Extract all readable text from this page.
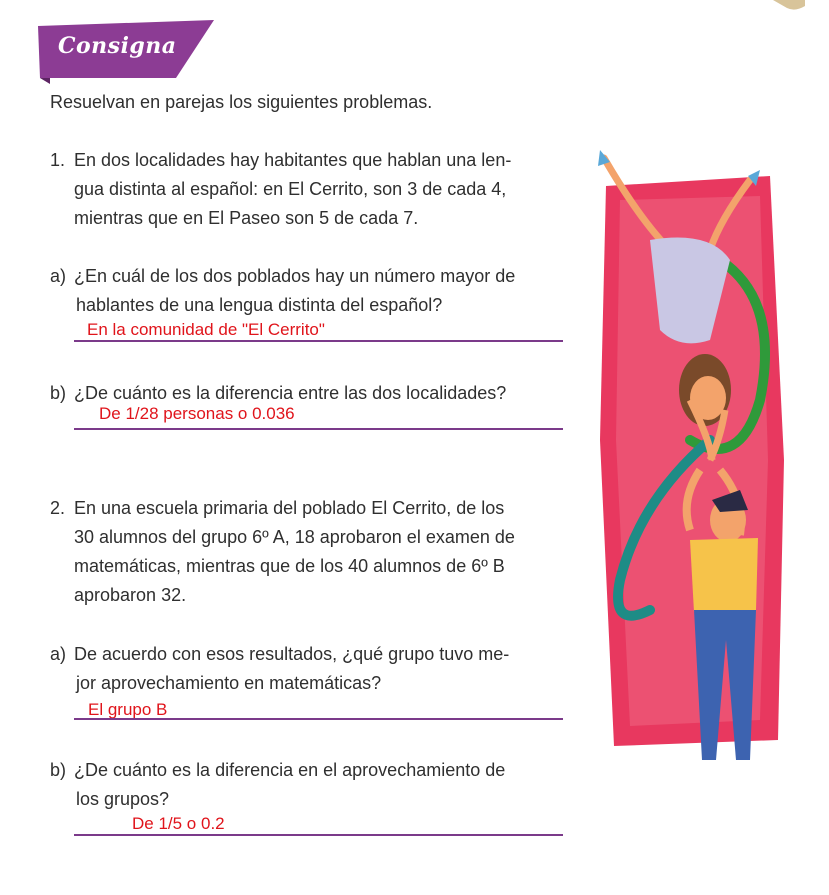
Consigna
Resuelvan en parejas los siguientes problemas.
1. En dos localidades hay habitantes que hablan una len-
gua distinta al español: en El Cerrito, son 3 de cada 4,
mientras que en El Paseo son 5 de cada 7.
a) ¿En cuál de los dos poblados hay un número mayor de
hablantes de una lengua distinta del español?
En la comunidad de "El Cerrito"
b) ¿De cuánto es la diferencia entre las dos localidades?
De 1/28 personas o 0.036
2. En una escuela primaria del poblado El Cerrito, de los
30 alumnos del grupo 6º A, 18 aprobaron el examen de
matemáticas, mientras que de los 40 alumnos de 6º B
aprobaron 32.
a) De acuerdo con esos resultados, ¿qué grupo tuvo me-
jor aprovechamiento en matemáticas?
El grupo B
b) ¿De cuánto es la diferencia en el aprovechamiento de
los grupos?
De 1/5 o 0.2
